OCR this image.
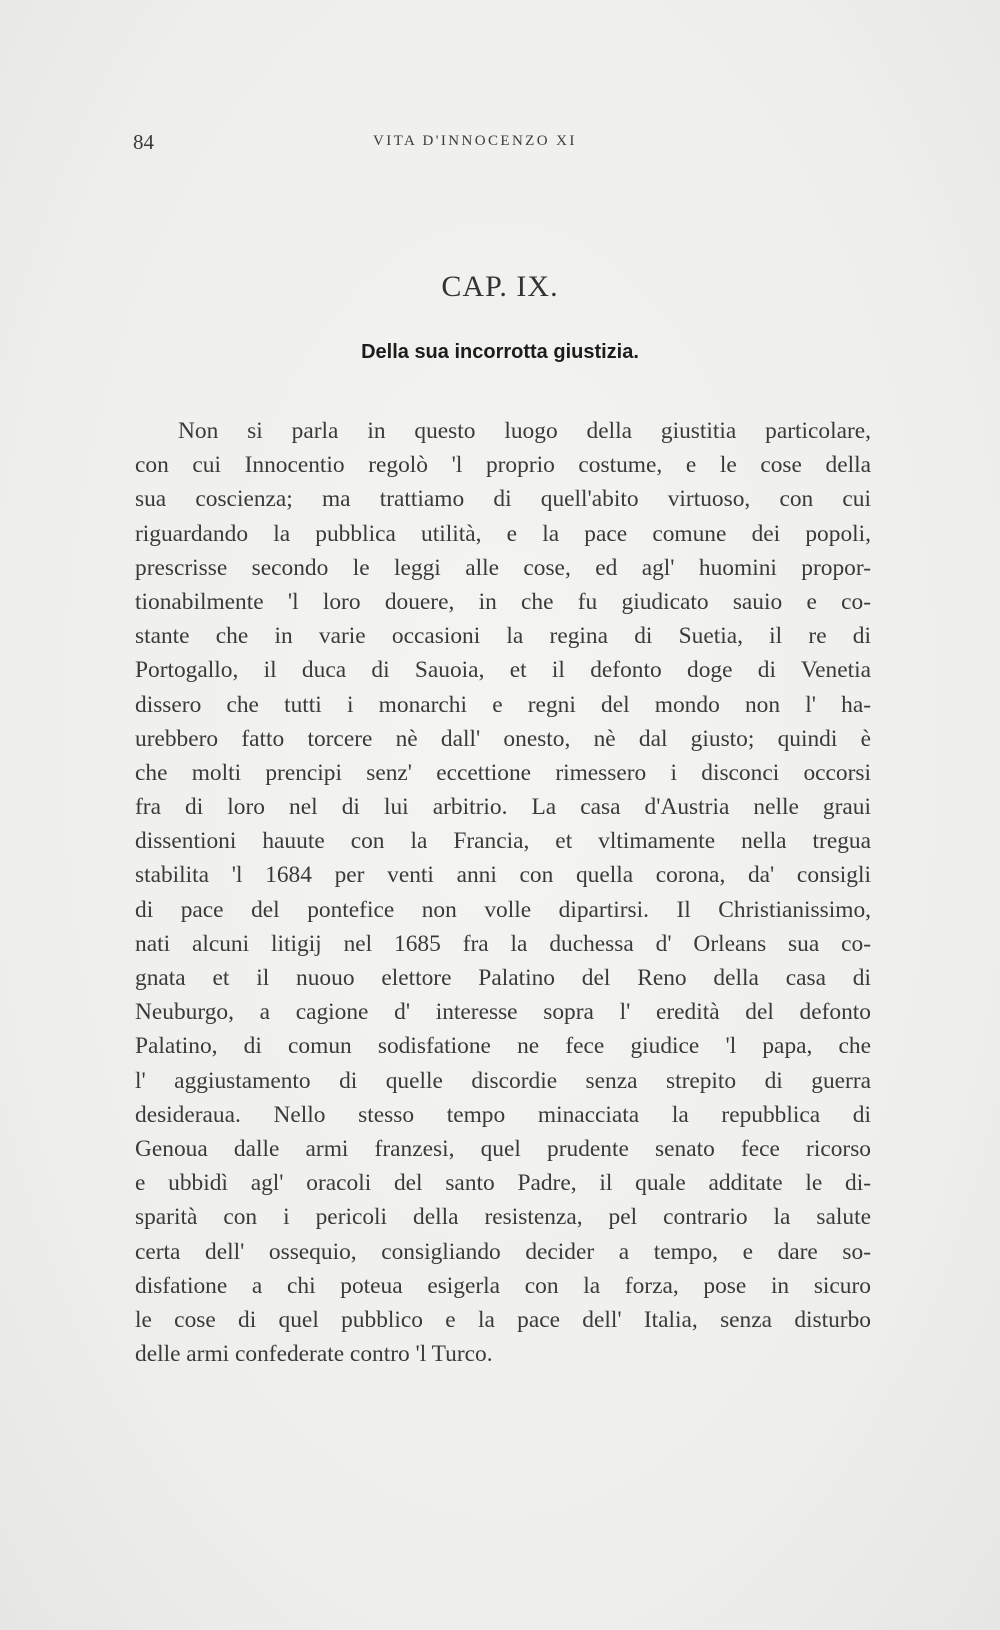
84	VITA D'INNOCENZO XI
CAP. IX.
Della sua incorrotta giustizia.
Non si parla in questo luogo della giustitia particolare,
con cui Innocentio regolò 'l proprio costume, e le cose della
sua coscienza; ma trattiamo di quell'abito virtuoso, con cui
riguardando la pubblica utilità, e la pace comune dei popoli,
prescrisse secondo le leggi alle cose, ed agl' huomini propor-
tionabilmente 'l loro douere, in che fu giudicato sauio e co-
stante che in varie occasioni la regina di Suetia, il re di
Portogallo, il duca di Sauoia, et il defonto doge di Venetia
dissero che tutti i monarchi e regni del mondo non l' ha-
urebbero fatto torcere nè dall' onesto, nè dal giusto; quindi è
che molti prencipi senz' eccettione rimessero i disconci occorsi
fra di loro nel di lui arbitrio. La casa d'Austria nelle graui
dissentioni hauute con la Francia, et vltimamente nella tregua
stabilita 'l 1684 per venti anni con quella corona, da' consigli
di pace del pontefice non volle dipartirsi. Il Christianissimo,
nati alcuni litigij nel 1685 fra la duchessa d' Orleans sua co-
gnata et il nuouo elettore Palatino del Reno della casa di
Neuburgo, a cagione d' interesse sopra l' eredità del defonto
Palatino, di comun sodisfatione ne fece giudice 'l papa, che
l' aggiustamento di quelle discordie senza strepito di guerra
desideraua. Nello stesso tempo minacciata la repubblica di
Genoua dalle armi franzesi, quel prudente senato fece ricorso
e ubbidì agl' oracoli del santo Padre, il quale additate le di-
sparità con i pericoli della resistenza, pel contrario la salute
certa dell' ossequio, consigliando decider a tempo, e dare so-
disfatione a chi poteua esigerla con la forza, pose in sicuro
le cose di quel pubblico e la pace dell' Italia, senza disturbo
delle armi confederate contro 'l Turco.
